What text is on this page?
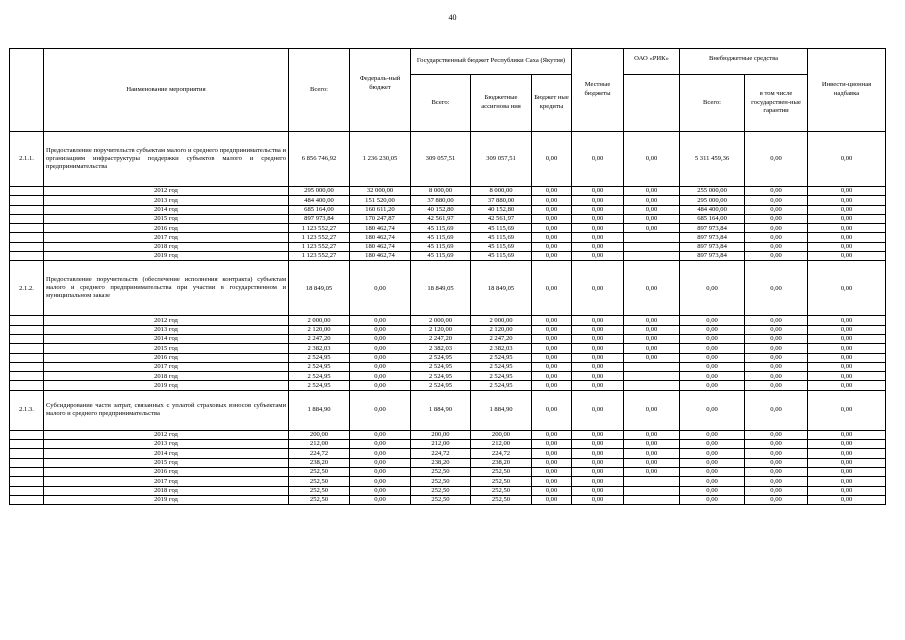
40
	Наименование мероприятия	Всего:	Федераль-ный бюджет	Государственный бюджет Республики Саха (Якутия)			Местные бюджеты	ОАО «РИК»	Внебюджетные средства		Инвести-ционная надбавка
				Всего:	Бюджетные ассигнова ния	Бюджет ные кредиты			Всего:	в том числе государствен-ные гарантии	
2.1.1.	Предоставление поручительств субъектам малого и среднего предпринимательства и организациям инфраструктуры поддержки субъектов малого и среднего предпринимательства	6 856 746,92	1 236 230,05	309 057,51	309 057,51	0,00	0,00	0,00	5 311 459,36	0,00	0,00
	2012 год	295 000,00	32 000,00	8 000,00	8 000,00	0,00	0,00	0,00	255 000,00	0,00	0,00
	2013 год	484 400,00	151 520,00	37 880,00	37 880,00	0,00	0,00	0,00	295 000,00	0,00	0,00
	2014 год	685 164,00	160 611,20	40 152,80	40 152,80	0,00	0,00	0,00	484 400,00	0,00	0,00
	2015 год	897 973,84	170 247,87	42 561,97	42 561,97	0,00	0,00	0,00	685 164,00	0,00	0,00
	2016 год	1 123 552,27	180 462,74	45 115,69	45 115,69	0,00	0,00	0,00	897 973,84	0,00	0,00
	2017 год	1 123 552,27	180 462,74	45 115,69	45 115,69	0,00	0,00		897 973,84	0,00	0,00
	2018 год	1 123 552,27	180 462,74	45 115,69	45 115,69	0,00	0,00		897 973,84	0,00	0,00
	2019 год	1 123 552,27	180 462,74	45 115,69	45 115,69	0,00	0,00		897 973,84	0,00	0,00
2.1.2.	Предоставление поручительств (обеспечение исполнения контракта) субъектам малого и среднего предпринимательства при участии в государственном и муниципальном заказе	18 849,05	0,00	18 849,05	18 849,05	0,00	0,00	0,00	0,00	0,00	0,00
	2012 год	2 000,00	0,00	2 000,00	2 000,00	0,00	0,00	0,00	0,00	0,00	0,00
	2013 год	2 120,00	0,00	2 120,00	2 120,00	0,00	0,00	0,00	0,00	0,00	0,00
	2014 год	2 247,20	0,00	2 247,20	2 247,20	0,00	0,00	0,00	0,00	0,00	0,00
	2015 год	2 382,03	0,00	2 382,03	2 382,03	0,00	0,00	0,00	0,00	0,00	0,00
	2016 год	2 524,95	0,00	2 524,95	2 524,95	0,00	0,00	0,00	0,00	0,00	0,00
	2017 год	2 524,95	0,00	2 524,95	2 524,95	0,00	0,00		0,00	0,00	0,00
	2018 год	2 524,95	0,00	2 524,95	2 524,95	0,00	0,00		0,00	0,00	0,00
	2019 год	2 524,95	0,00	2 524,95	2 524,95	0,00	0,00		0,00	0,00	0,00
2.1.3.	Субсидирование части затрат, связанных с уплатой страховых взносов субъектами малого и среднего предпринимательства	1 884,90	0,00	1 884,90	1 884,90	0,00	0,00	0,00	0,00	0,00	0,00
	2012 год	200,00	0,00	200,00	200,00	0,00	0,00	0,00	0,00	0,00	0,00
	2013 год	212,00	0,00	212,00	212,00	0,00	0,00	0,00	0,00	0,00	0,00
	2014 год	224,72	0,00	224,72	224,72	0,00	0,00	0,00	0,00	0,00	0,00
	2015 год	238,20	0,00	238,20	238,20	0,00	0,00	0,00	0,00	0,00	0,00
	2016 год	252,50	0,00	252,50	252,50	0,00	0,00	0,00	0,00	0,00	0,00
	2017 год	252,50	0,00	252,50	252,50	0,00	0,00		0,00	0,00	0,00
	2018 год	252,50	0,00	252,50	252,50	0,00	0,00		0,00	0,00	0,00
	2019 год	252,50	0,00	252,50	252,50	0,00	0,00		0,00	0,00	0,00
